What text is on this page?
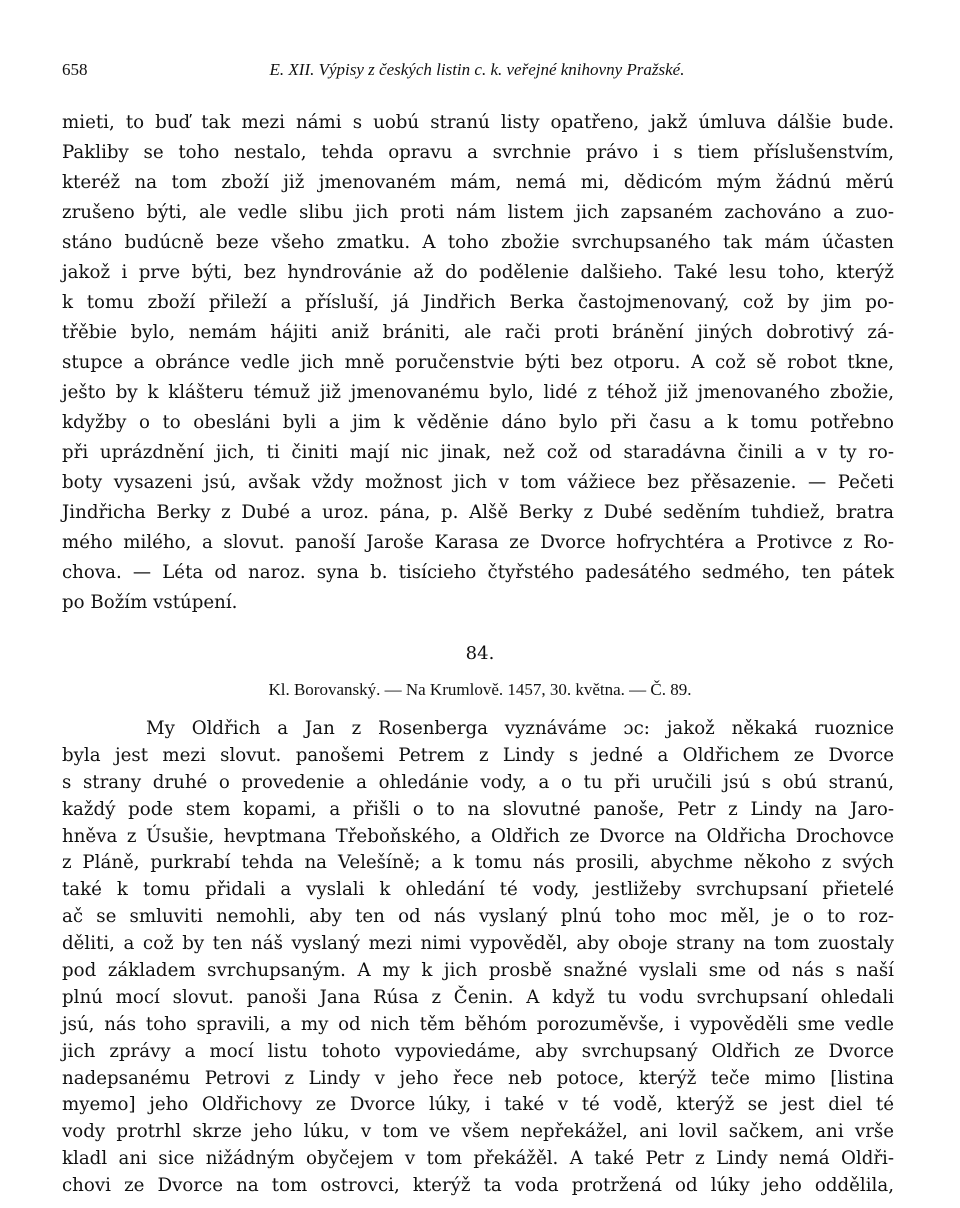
658	E. XII. Výpisy z českých listin c. k. veřejné knihovny Pražské.
mieti, to buď tak mezi námi s uobú stranú listy opatřeno, jakž úmluva dálšie bude.
Pakliby se toho nestalo, tehda opravu a svrchnie právo i s tiem příslušenstvím,
kteréž na tom zboží již jmenovaném mám, nemá mi, dědicóm mým žádnú měrú
zrušeno býti, ale vedle slibu jich proti nám listem jich zapsaném zachováno a zuo-
stáno budúcně beze všeho zmatku. A toho zbožie svrchupsaného tak mám účasten
jakož i prve býti, bez hyndrovánie až do podělenie dalšieho. Také lesu toho, kterýž
k tomu zboží přileží a přísluší, já Jindřich Berka častojmenovaný, což by jim po-
třěbie bylo, nemám hájiti aniž brániti, ale rači proti bránění jiných dobrotivý zá-
stupce a obránce vedle jich mně poručenstvie býti bez otporu. A což sě robot tkne,
ješto by k klášteru témuž již jmenovanému bylo, lidé z téhož již jmenovaného zbožie,
kdyžby o to obesláni byli a jim k věděnie dáno bylo při času a k tomu potřebno
při uprázdnění jich, ti činiti mají nic jinak, než což od staradávna činili a v ty ro-
boty vysazeni jsú, avšak vždy možnost jich v tom vážiece bez přěsazenie. — Pečeti
Jindřicha Berky z Dubé a uroz. pána, p. Alšě Berky z Dubé seděním tuhdiež, bratra
mého milého, a slovut. panoší Jaroše Karasa ze Dvorce hofrychtéra a Protivce z Ro-
chova. — Léta od naroz. syna b. tisícieho čtyřstého padesátého sedmého, ten pátek
po Božím vstúpení.
84.
Kl. Borovanský. — Na Krumlově. 1457, 30. května. — Č. 89.
My Oldřich a Jan z Rosenberga vyznáváme ɔc: jakož někaká ruoznice
byla jest mezi slovut. panošemi Petrem z Lindy s jedné a Oldřichem ze Dvorce
s strany druhé o provedenie a ohledánie vody, a o tu při uručili jsú s obú stranú,
každý pode stem kopami, a přišli o to na slovutné panoše, Petr z Lindy na Jaro-
hněva z Úsušie, hevptmana Třeboňského, a Oldřich ze Dvorce na Oldřicha Drochovce
z Pláně, purkrabí tehda na Velešíně; a k tomu nás prosili, abychme někoho z svých
také k tomu přidali a vyslali k ohledání té vody, jestližeby svrchupsaní přietelé
ač se smluviti nemohli, aby ten od nás vyslaný plnú toho moc měl, je o to roz-
děliti, a což by ten náš vyslaný mezi nimi vypověděl, aby oboje strany na tom zuostaly
pod základem svrchupsaným. A my k jich prosbě snažné vyslali sme od nás s naší
plnú mocí slovut. panoši Jana Rúsa z Čenin. A když tu vodu svrchupsaní ohledali
jsú, nás toho spravili, a my od nich těm běhóm porozuměvše, i vypověděli sme vedle
jich zprávy a mocí listu tohoto vypoviedáme, aby svrchupsaný Oldřich ze Dvorce
nadepsanému Petrovi z Lindy v jeho řece neb potoce, kterýž teče mimo [listina
myemo] jeho Oldřichovy ze Dvorce lúky, i také v té vodě, kterýž se jest diel té
vody protrhl skrze jeho lúku, v tom ve všem nepřekážel, ani lovil sačkem, ani vrše
kladl ani sice nižádným obyčejem v tom překážěl. A také Petr z Lindy nemá Oldři-
chovi ze Dvorce na tom ostrovci, kterýž ta voda protržená od lúky jeho oddělila,
